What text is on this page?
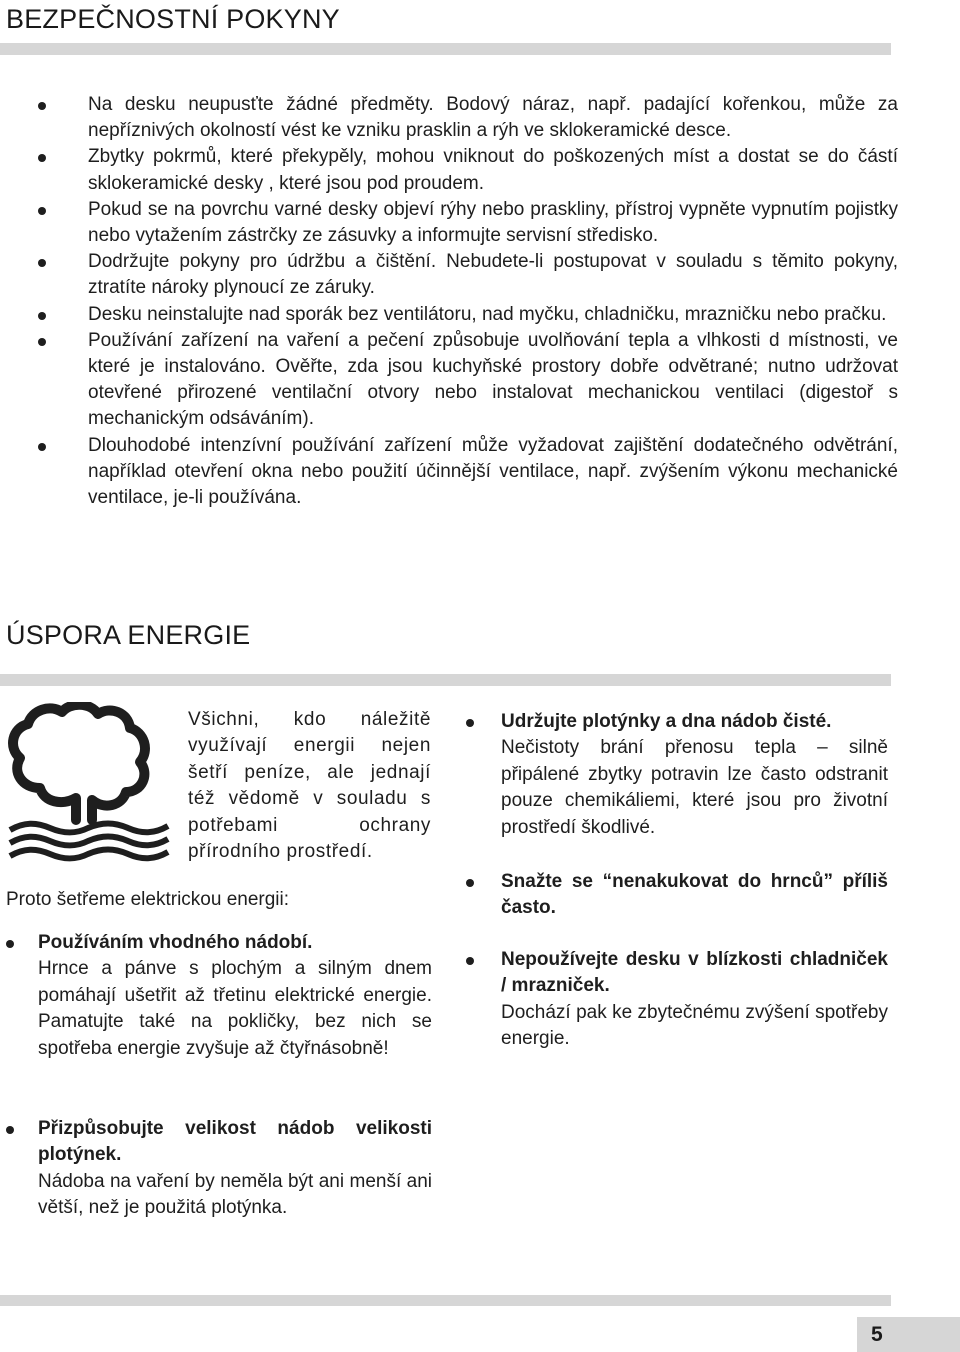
BEZPEČNOSTNÍ POKYNY
Na desku neupusťte žádné předměty. Bodový náraz, např. padající kořenkou, může za nepříznivých okolností vést ke vzniku prasklin a rýh ve sklokeramické desce.
Zbytky pokrmů, které překypěly, mohou vniknout do poškozených míst a dostat se do částí sklokeramické desky , které jsou pod proudem.
Pokud se na povrchu varné desky objeví rýhy nebo praskliny, přístroj vypněte vypnutím pojistky nebo vytažením zástrčky ze zásuvky a informujte servisní středisko.
Dodržujte pokyny pro údržbu a čištění. Nebudete-li postupovat v souladu s těmito pokyny, ztratíte nároky plynoucí ze záruky.
Desku neinstalujte nad sporák bez ventilátoru, nad myčku, chladničku, mrazničku nebo pračku.
Používání zařízení na vaření a pečení způsobuje uvolňování tepla a vlhkosti d místnosti, ve které je instalováno. Ověřte, zda jsou kuchyňské prostory dobře odvětrané; nutno udržovat otevřené přirozené ventilační otvory nebo instalovat mechanickou ventilaci (digestoř s mechanickým odsáváním).
Dlouhodobé intenzívní používání zařízení může vyžadovat zajištění dodatečného odvětrání, například otevření okna nebo použití účinnější ventilace, např. zvýšením výkonu mechanické ventilace, je-li používána.
ÚSPORA ENERGIE
Všichni, kdo náležitě využívají energii nejen šetří peníze, ale jednají též vědomě v souladu s potřebami ochrany přírodního prostředí.
Proto šetřeme elektrickou energii:
Používáním vhodného nádobí.
Hrnce a pánve s plochým a silným dnem pomáhají ušetřit až třetinu elektrické energie. Pamatujte také na pokličky, bez nich se spotřeba energie zvyšuje až čtyřnásobně!
Přizpůsobujte velikost nádob velikosti plotýnek.
Nádoba na vaření by neměla být ani menší ani větší, než je použitá plotýnka.
Udržujte plotýnky a dna nádob čisté.
Nečistoty brání přenosu tepla – silně připálené zbytky potravin lze často odstranit pouze chemikáliemi, které jsou pro životní prostředí škodlivé.
Snažte se “nenakukovat do hrnců” příliš často.
Nepoužívejte desku v blízkosti chladniček / mrazniček.
Dochází pak ke zbytečnému zvýšení spotřeby energie.
5
